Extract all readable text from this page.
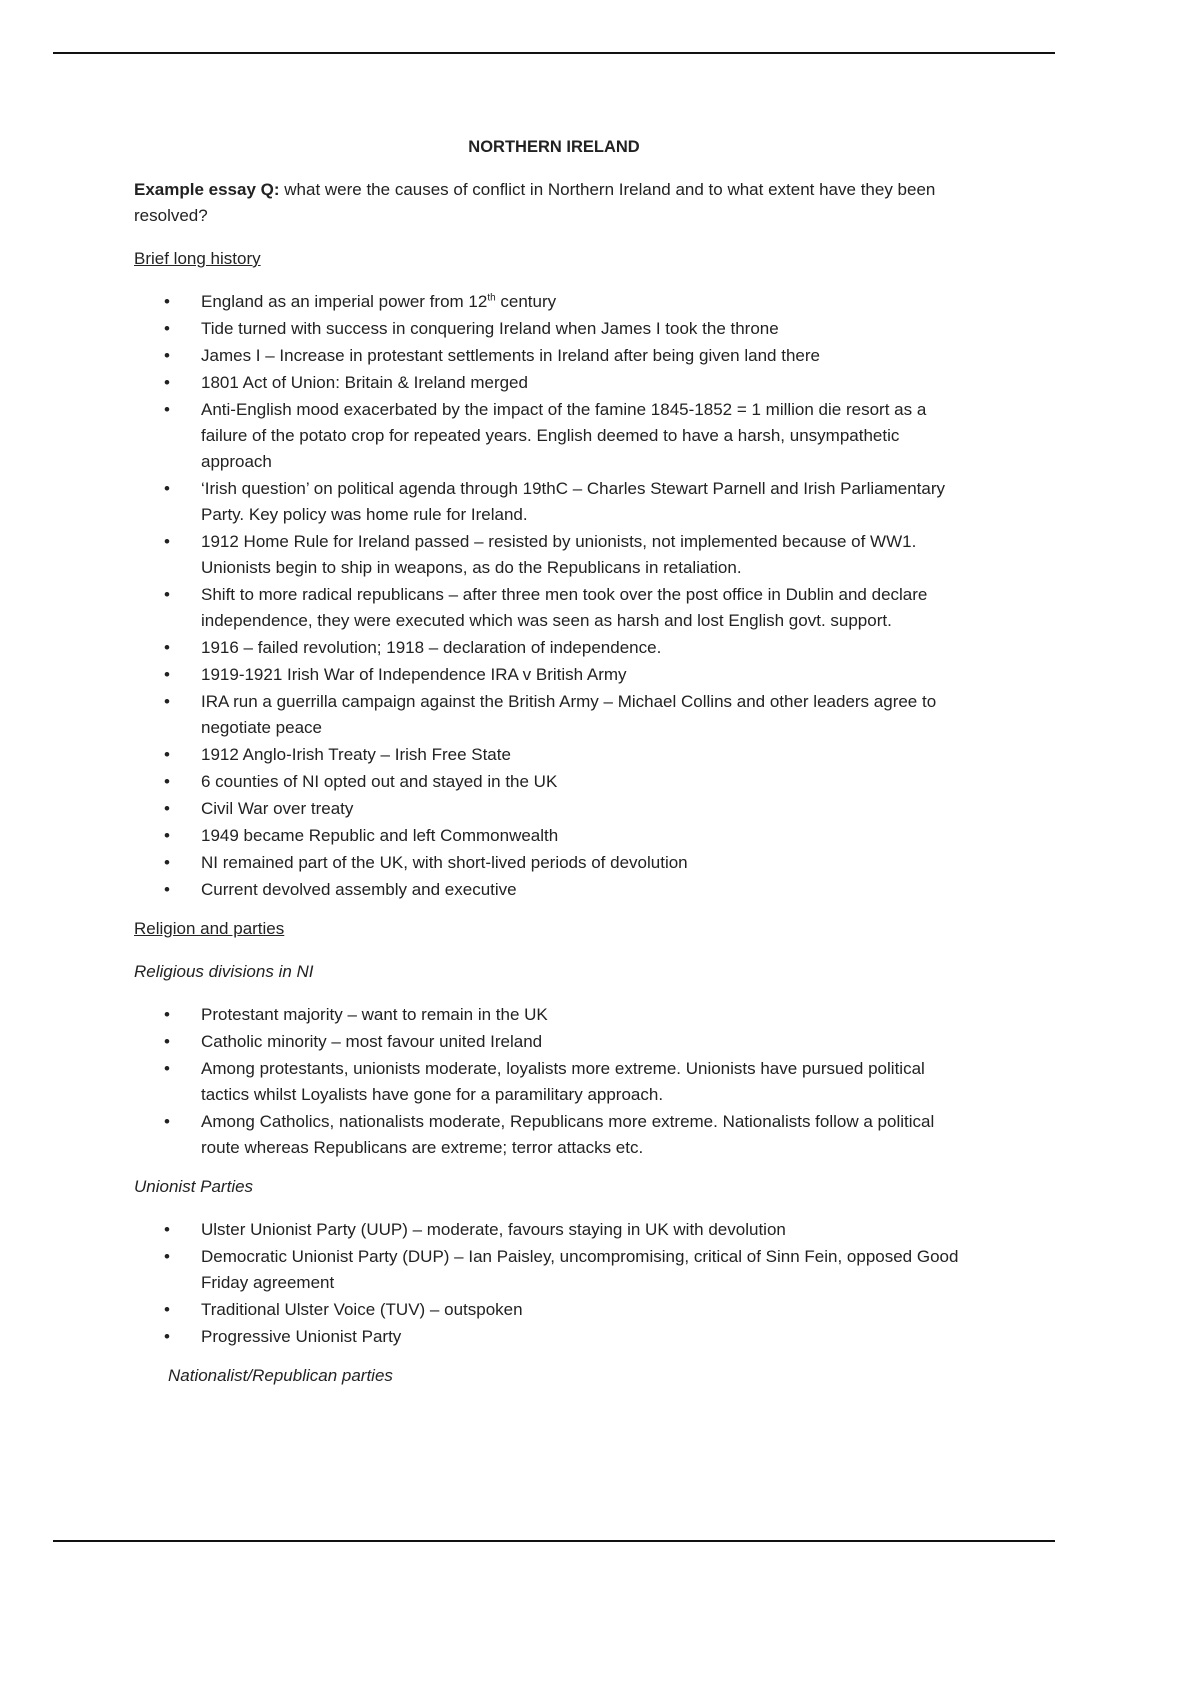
NORTHERN IRELAND
Example essay Q: what were the causes of conflict in Northern Ireland and to what extent have they been resolved?
Brief long history
• England as an imperial power from 12th century
• Tide turned with success in conquering Ireland when James I took the throne
• James I – Increase in protestant settlements in Ireland after being given land there
• 1801 Act of Union: Britain & Ireland merged
• Anti-English mood exacerbated by the impact of the famine 1845-1852 = 1 million die resort as a failure of the potato crop for repeated years. English deemed to have a harsh, unsympathetic approach
• ‘Irish question’ on political agenda through 19thC – Charles Stewart Parnell and Irish Parliamentary Party. Key policy was home rule for Ireland.
• 1912 Home Rule for Ireland passed – resisted by unionists, not implemented because of WW1. Unionists begin to ship in weapons, as do the Republicans in retaliation.
• Shift to more radical republicans – after three men took over the post office in Dublin and declare independence, they were executed which was seen as harsh and lost English govt. support.
• 1916 – failed revolution; 1918 – declaration of independence.
• 1919-1921 Irish War of Independence IRA v British Army
• IRA run a guerrilla campaign against the British Army – Michael Collins and other leaders agree to negotiate peace
• 1912 Anglo-Irish Treaty – Irish Free State
• 6 counties of NI opted out and stayed in the UK
• Civil War over treaty
• 1949 became Republic and left Commonwealth
• NI remained part of the UK, with short-lived periods of devolution
• Current devolved assembly and executive
Religion and parties
Religious divisions in NI
• Protestant majority – want to remain in the UK
• Catholic minority – most favour united Ireland
• Among protestants, unionists moderate, loyalists more extreme. Unionists have pursued political tactics whilst Loyalists have gone for a paramilitary approach.
• Among Catholics, nationalists moderate, Republicans more extreme. Nationalists follow a political route whereas Republicans are extreme; terror attacks etc.
Unionist Parties
• Ulster Unionist Party (UUP) – moderate, favours staying in UK with devolution
• Democratic Unionist Party (DUP) – Ian Paisley, uncompromising, critical of Sinn Fein, opposed Good Friday agreement
• Traditional Ulster Voice (TUV) – outspoken
• Progressive Unionist Party
Nationalist/Republican parties
